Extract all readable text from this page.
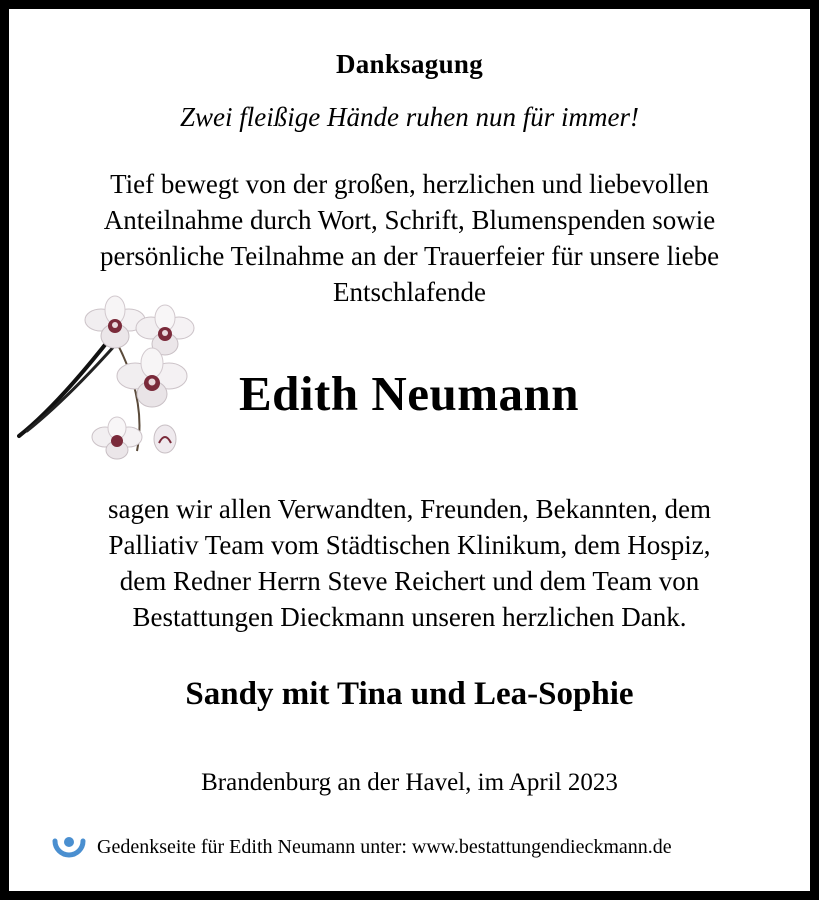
Danksagung
Zwei fleißige Hände ruhen nun für immer!
Tief bewegt von der großen, herzlichen und liebevollen
Anteilnahme durch Wort, Schrift, Blumenspenden sowie
persönliche Teilnahme an der Trauerfeier für unsere liebe
Entschlafende
Edith Neumann
sagen wir allen Verwandten, Freunden, Bekannten, dem
Palliativ Team vom Städtischen Klinikum, dem Hospiz,
dem Redner Herrn Steve Reichert und dem Team von
Bestattungen Dieckmann unseren herzlichen Dank.
Sandy mit Tina und Lea-Sophie
Brandenburg an der Havel, im April 2023
Gedenkseite für Edith Neumann unter: www.bestattungendieckmann.de
